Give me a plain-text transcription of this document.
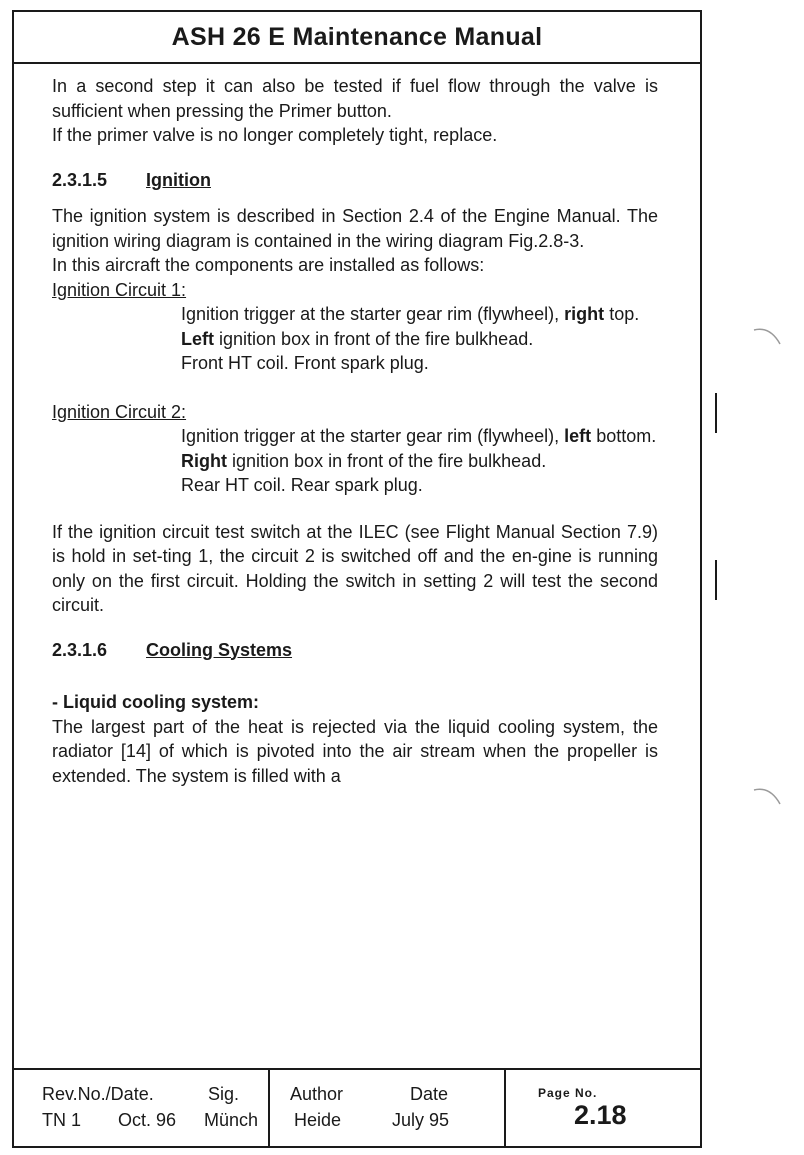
ASH 26 E Maintenance Manual

In a second step it can also be tested if fuel flow through the valve is sufficient when pressing the Primer button.

If the primer valve is no longer completely tight, replace.

2.3.1.5 Ignition

The ignition system is described in Section 2.4 of the Engine Manual. The ignition wiring diagram is contained in the wiring diagram Fig.2.8-3.

In this aircraft the components are installed as follows:

Ignition Circuit 1:

Ignition trigger at the starter gear rim (flywheel), right top.

Left ignition box in front of the fire bulkhead.

Front HT coil. Front spark plug.

Ignition Circuit 2:

Ignition trigger at the starter gear rim (flywheel), left bottom.

Right ignition box in front of the fire bulkhead.

Rear HT coil. Rear spark plug.

If the ignition circuit test switch at the ILEC (see Flight Manual Section 7.9) is hold in set-ting 1, the circuit 2 is switched off and the en-gine is running only on the first circuit. Holding the switch in setting 2 will test the second circuit.

2.3.1.6 Cooling Systems
- Liquid cooling system:

The largest part of the heat is rejected via the liquid cooling system, the radiator [14] of which is pivoted into the air stream when the propeller is extended. The system is filled with a

Rev.No./Date.	Sig.
TN 1 Oct. 96 Münch
Author	Date
Heide	July 95
Page No.
2.18
